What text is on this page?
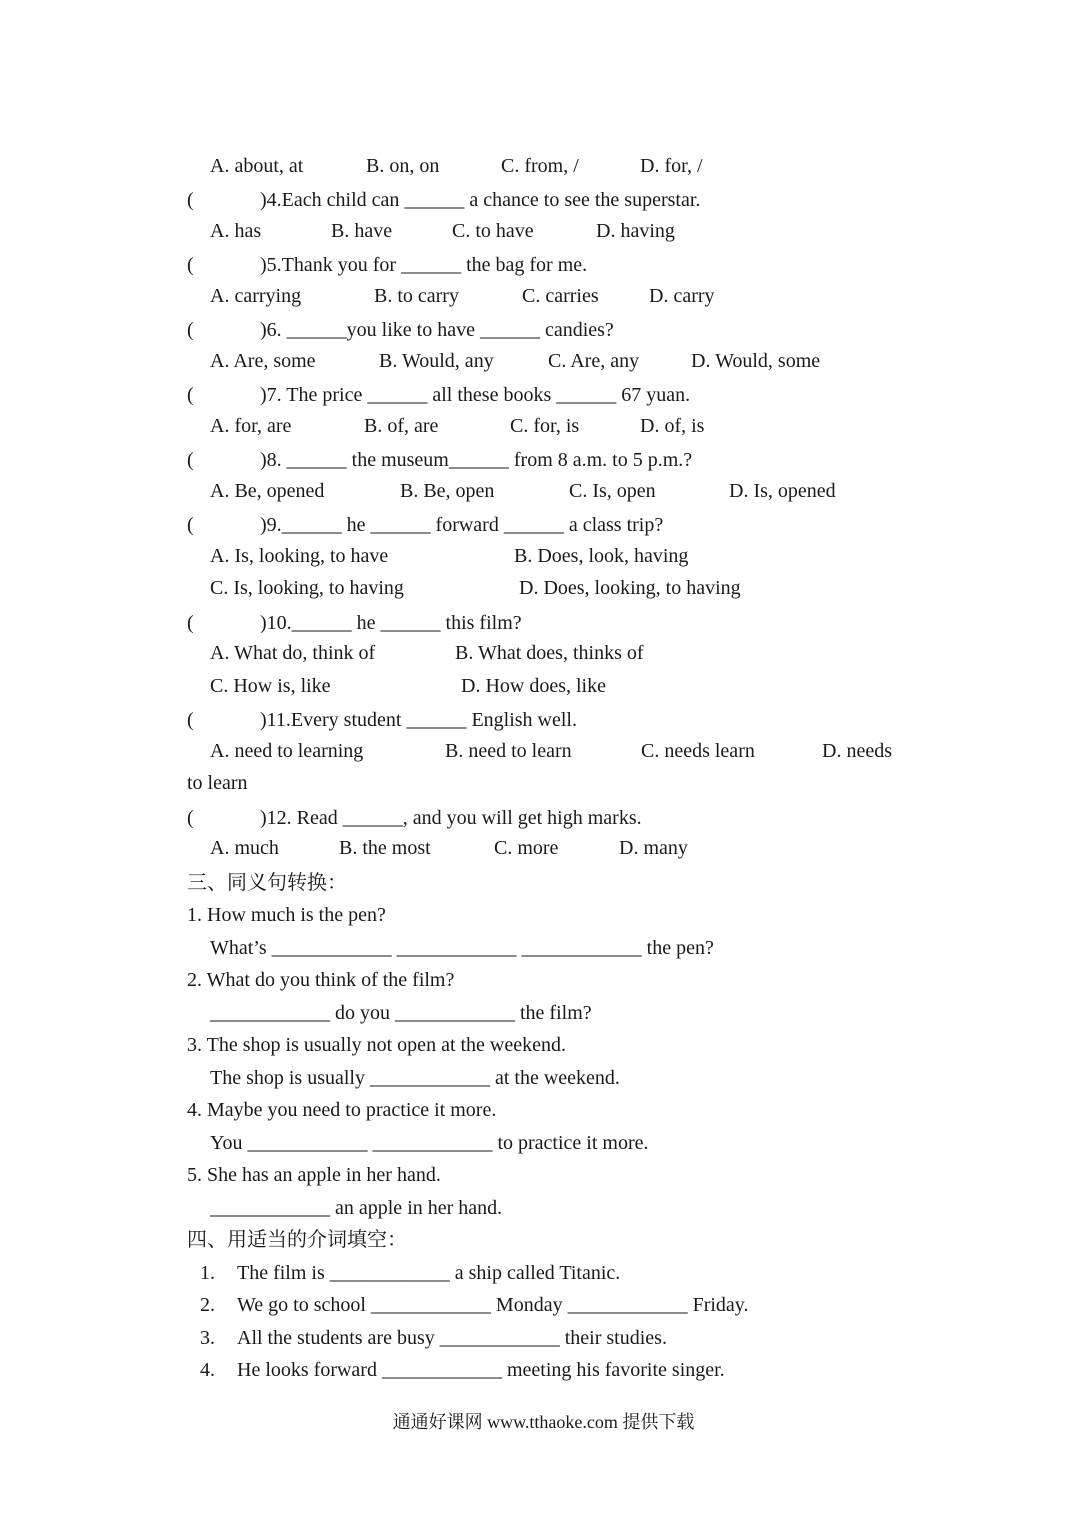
A. about, at	B. on, on	C. from, /	D. for, /
(	)4.Each child can ______ a chance to see the superstar.
A. has	B. have	C. to have	D. having
(	)5.Thank you for ______ the bag for me.
A. carrying	B. to carry	C. carries	D. carry
(	)6. ______you like to have ______ candies?
A. Are, some	B. Would, any	C. Are, any	D. Would, some
(	)7. The price ______ all these books ______ 67 yuan.
A. for, are	B. of, are	C. for, is	D. of, is
(	)8. ______ the museum______ from 8 a.m. to 5 p.m.?
A. Be, opened	B. Be, open	C. Is, open	D. Is, opened
(	)9.______ he ______ forward ______ a class trip?
A. Is, looking, to have	B. Does, look, having
C. Is, looking, to having	D. Does, looking, to having
(	)10.______ he ______ this film?
A. What do, think of	B. What does, thinks of
C. How is, like	D. How does, like
(	)11.Every student ______ English well.
A. need to learning	B. need to learn	C. needs learn	D. needs
to learn
(	)12. Read ______, and you will get high marks.
A. much	B. the most	C. more	D. many
三、同义句转换：
1. How much is the pen?
What’s ____________ ____________ ____________ the pen?
2. What do you think of the film?
____________ do you ____________ the film?
3. The shop is usually not open at the weekend.
The shop is usually ____________ at the weekend.
4. Maybe you need to practice it more.
You ____________ ____________ to practice it more.
5. She has an apple in her hand.
____________ an apple in her hand.
四、用适当的介词填空：
1. The film is ____________ a ship called Titanic.
2. We go to school ____________ Monday ____________ Friday.
3. All the students are busy ____________ their studies.
4. He looks forward ____________ meeting his favorite singer.
通通好课网 www.tthaoke.com 提供下载
